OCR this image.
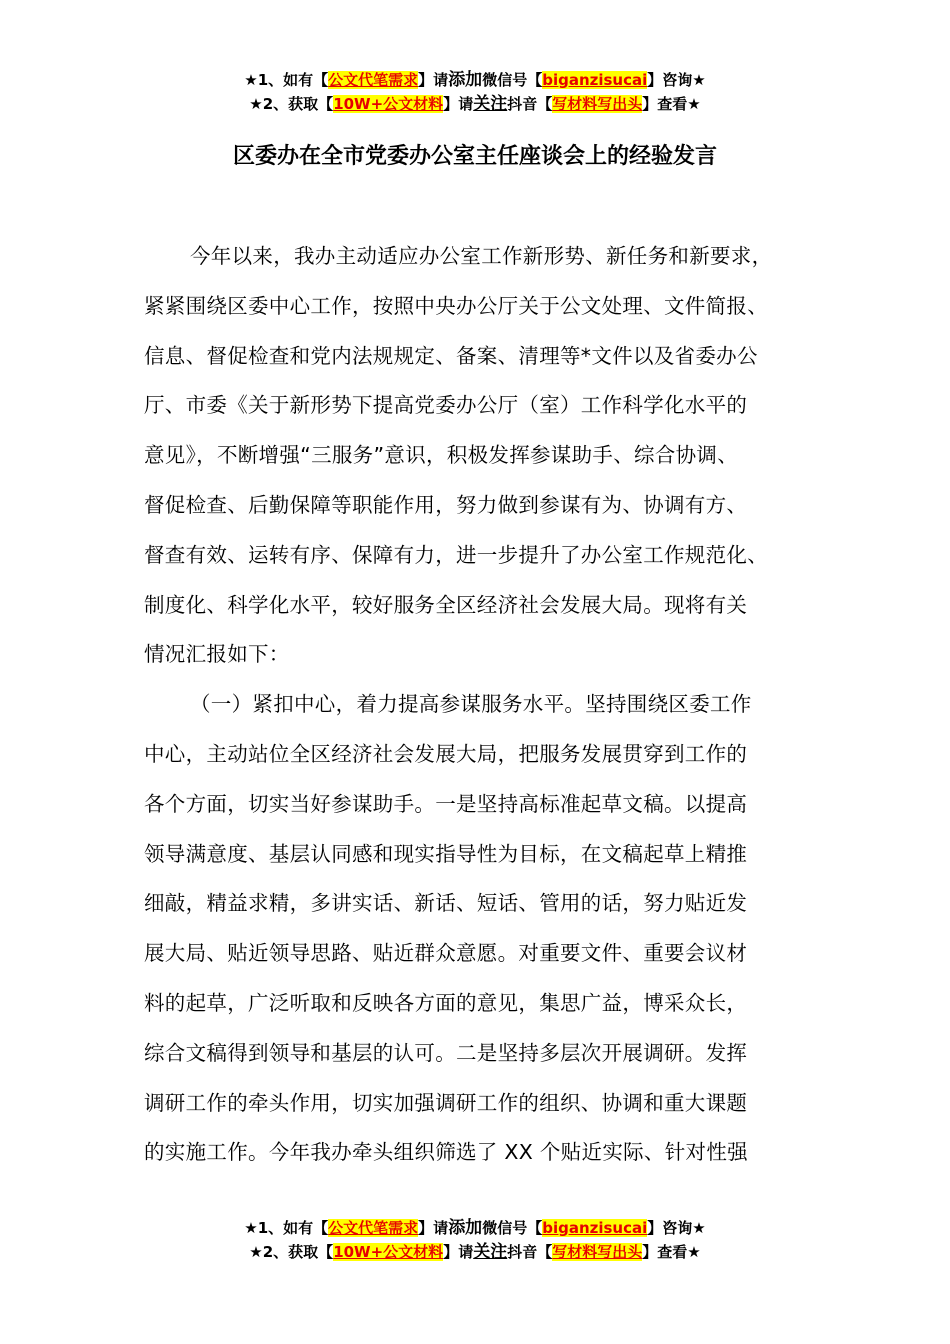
★1、如有【公文代笔需求】请添加微信号【biganzisucai】咨询★
★2、获取【10W+公文材料】请关注抖音【写材料写出头】查看★
区委办在全市党委办公室主任座谈会上的经验发言
今年以来，我办主动适应办公室工作新形势、新任务和新要求，
紧紧围绕区委中心工作，按照中央办公厅关于公文处理、文件简报、
信息、督促检查和党内法规规定、备案、清理等*文件以及省委办公
厅、市委《关于新形势下提高党委办公厅（室）工作科学化水平的
意见》，不断增强“三服务”意识，积极发挥参谋助手、综合协调、
督促检查、后勤保障等职能作用，努力做到参谋有为、协调有方、
督查有效、运转有序、保障有力，进一步提升了办公室工作规范化、
制度化、科学化水平，较好服务全区经济社会发展大局。现将有关
情况汇报如下：
（一）紧扣中心，着力提高参谋服务水平。坚持围绕区委工作
中心，主动站位全区经济社会发展大局，把服务发展贯穿到工作的
各个方面，切实当好参谋助手。一是坚持高标准起草文稿。以提高
领导满意度、基层认同感和现实指导性为目标，在文稿起草上精推
细敲，精益求精，多讲实话、新话、短话、管用的话，努力贴近发
展大局、贴近领导思路、贴近群众意愿。对重要文件、重要会议材
料的起草，广泛听取和反映各方面的意见，集思广益，博采众长，
综合文稿得到领导和基层的认可。二是坚持多层次开展调研。发挥
调研工作的牵头作用，切实加强调研工作的组织、协调和重大课题
的实施工作。今年我办牵头组织筛选了 XX 个贴近实际、针对性强
★1、如有【公文代笔需求】请添加微信号【biganzisucai】咨询★
★2、获取【10W+公文材料】请关注抖音【写材料写出头】查看★
